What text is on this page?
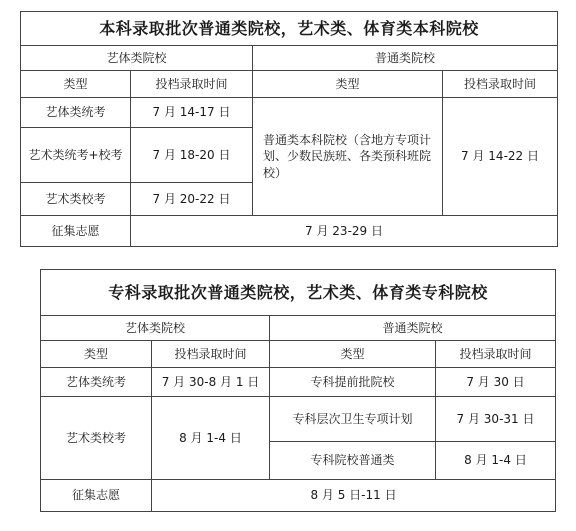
本科录取批次普通类院校，艺术类、体育类本科院校			
艺体类院校		普通类院校	
类型	投档录取时间	类型	投档录取时间
艺体类统考	7 月 14-17 日	普通类本科院校（含地方专项计划、少数民族班、各类预科班院校）	7 月 14-22 日
艺术类统考+校考	7 月 18-20 日		
艺术类校考	7 月 20-22 日		
征集志愿	7 月 23-29 日		
专科录取批次普通类院校，艺术类、体育类专科院校			
艺体类院校		普通类院校	
类型	投档录取时间	类型	投档录取时间
艺体类统考	7 月 30-8 月 1 日	专科提前批院校	7 月 30 日
艺术类校考	8 月 1-4 日	专科层次卫生专项计划	7 月 30-31 日
		专科院校普通类	8 月 1-4 日
征集志愿	8 月 5 日-11 日		
